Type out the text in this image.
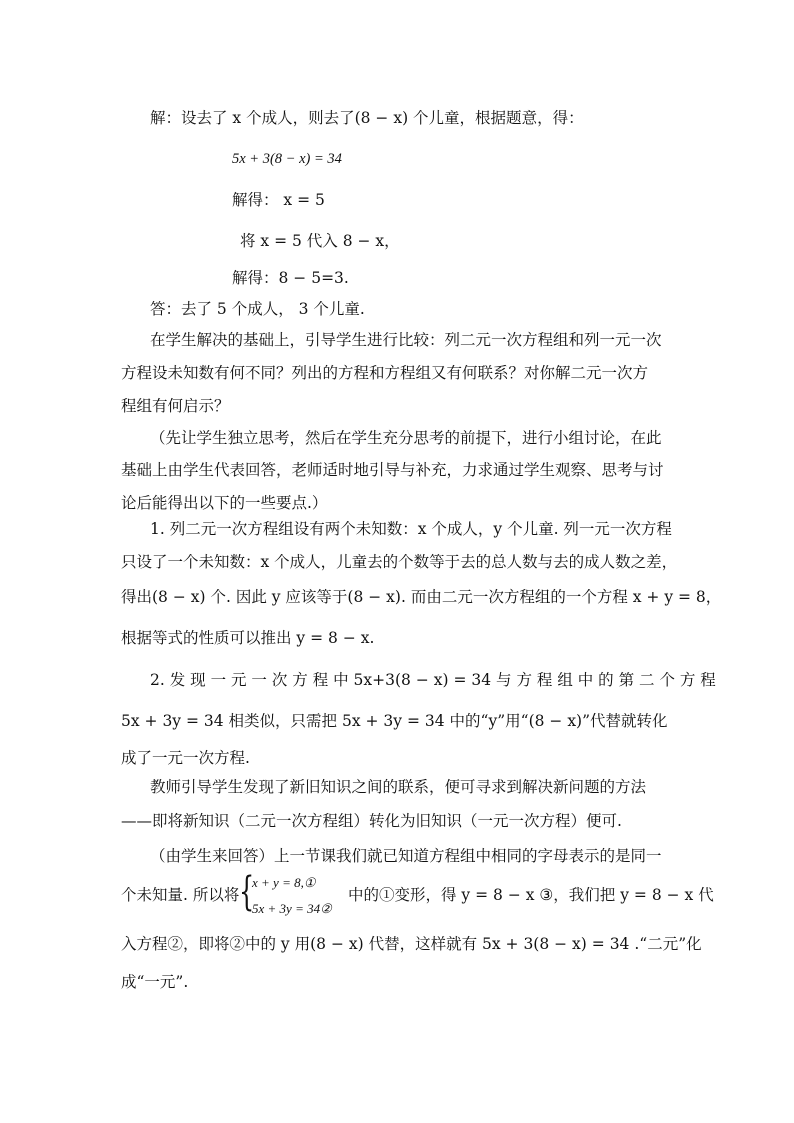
解：设去了 x 个成人，则去了(8 − x) 个儿童，根据题意，得：
5x + 3(8 − x) = 34
解得： x = 5
将 x = 5 代入 8 − x，
解得：8 − 5=3.
答：去了 5 个成人， 3 个儿童.
在学生解决的基础上，引导学生进行比较：列二元一次方程组和列一元一次
方程设未知数有何不同？列出的方程和方程组又有何联系？对你解二元一次方
程组有何启示？
（先让学生独立思考，然后在学生充分思考的前提下，进行小组讨论，在此
基础上由学生代表回答，老师适时地引导与补充，力求通过学生观察、思考与讨
论后能得出以下的一些要点.）
1. 列二元一次方程组设有两个未知数：x 个成人，y 个儿童. 列一元一次方程
只设了一个未知数：x 个成人，儿童去的个数等于去的总人数与去的成人数之差，
得出(8 − x) 个. 因此 y 应该等于(8 − x). 而由二元一次方程组的一个方程 x + y = 8，
根据等式的性质可以推出 y = 8 − x.
2. 发 现 一 元 一 次 方 程 中 5x+3(8 − x) = 34 与 方 程 组 中 的 第 二 个 方 程
5x + 3y = 34 相类似，只需把 5x + 3y = 34 中的“y”用“(8 − x)”代替就转化
成了一元一次方程.
教师引导学生发现了新旧知识之间的联系，便可寻求到解决新问题的方法
——即将新知识（二元一次方程组）转化为旧知识（一元一次方程）便可.
（由学生来回答）上一节课我们就已知道方程组中相同的字母表示的是同一
个未知量. 所以将 {
x + y = 8,①
5x + 3y = 34②
中的①变形，得 y = 8 − x ③，我们把 y = 8 − x 代
入方程②，即将②中的 y 用(8 − x) 代替，这样就有 5x + 3(8 − x) = 34 .“二元”化
成“一元”.
